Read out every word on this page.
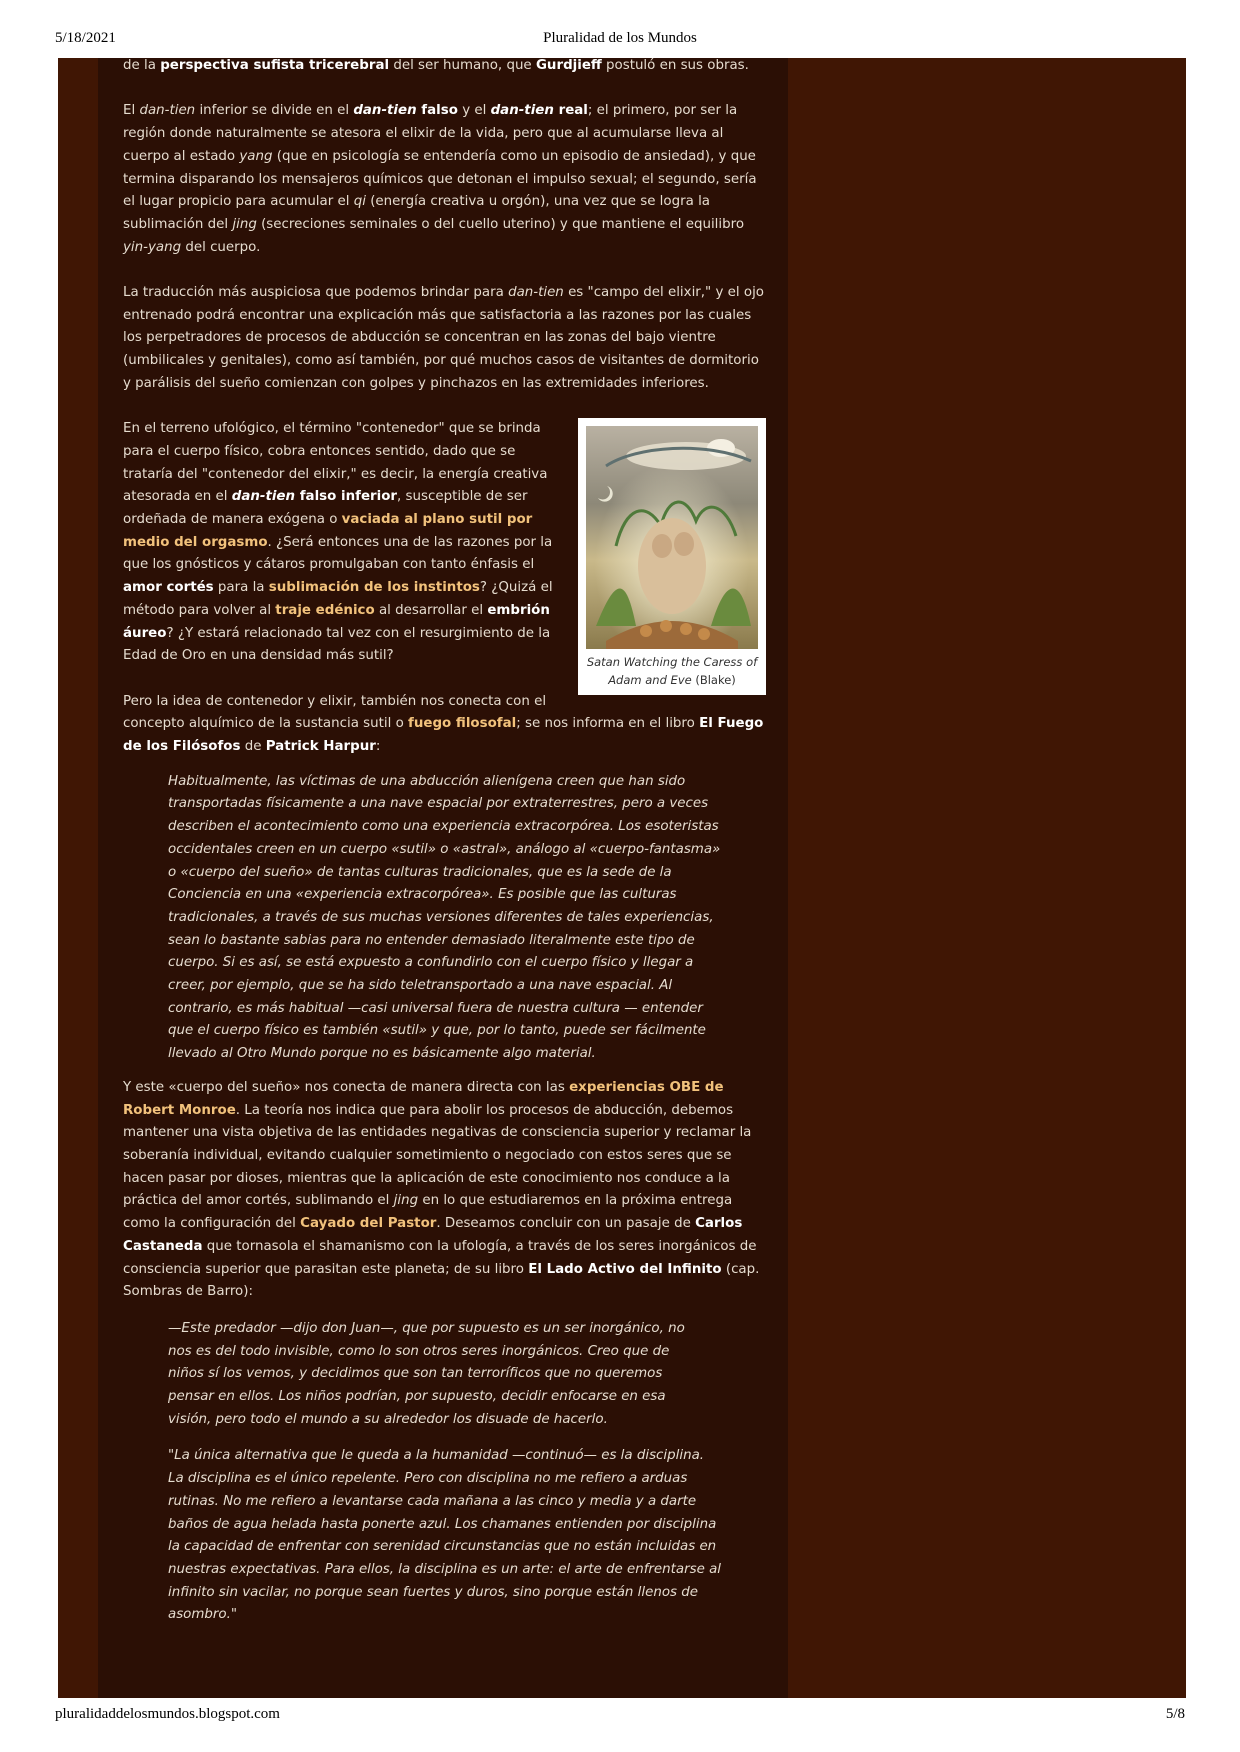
5/18/2021	Pluralidad de los Mundos

de la perspectiva sufista tricerebral del ser humano, que Gurdjieff postuló en sus obras.

El dan-tien inferior se divide en el dan-tien falso y el dan-tien real; el primero, por ser la región donde naturalmente se atesora el elixir de la vida, pero que al acumularse lleva al cuerpo al estado yang (que en psicología se entendería como un episodio de ansiedad), y que termina disparando los mensajeros químicos que detonan el impulso sexual; el segundo, sería el lugar propicio para acumular el qi (energía creativa u orgón), una vez que se logra la sublimación del jing (secreciones seminales o del cuello uterino) y que mantiene el equilibro yin-yang del cuerpo.

La traducción más auspiciosa que podemos brindar para dan-tien es "campo del elixir," y el ojo entrenado podrá encontrar una explicación más que satisfactoria a las razones por las cuales los perpetradores de procesos de abducción se concentran en las zonas del bajo vientre (umbilicales y genitales), como así también, por qué muchos casos de visitantes de dormitorio y parálisis del sueño comienzan con golpes y pinchazos en las extremidades inferiores.

Satan Watching the Caress of Adam and Eve (Blake)

En el terreno ufológico, el término "contenedor" que se brinda para el cuerpo físico, cobra entonces sentido, dado que se trataría del "contenedor del elixir," es decir, la energía creativa atesorada en el dan-tien falso inferior, susceptible de ser ordeñada de manera exógena o vaciada al plano sutil por medio del orgasmo. ¿Será entonces una de las razones por la que los gnósticos y cátaros promulgaban con tanto énfasis el amor cortés para la sublimación de los instintos? ¿Quizá el método para volver al traje edénico al desarrollar el embrión áureo? ¿Y estará relacionado tal vez con el resurgimiento de la Edad de Oro en una densidad más sutil?

Pero la idea de contenedor y elixir, también nos conecta con el concepto alquímico de la sustancia sutil o fuego filosofal; se nos informa en el libro El Fuego de los Filósofos de Patrick Harpur:

Habitualmente, las víctimas de una abducción alienígena creen que han sido transportadas físicamente a una nave espacial por extraterrestres, pero a veces describen el acontecimiento como una experiencia extracorpórea. Los esoteristas occidentales creen en un cuerpo «sutil» o «astral», análogo al «cuerpo-fantasma» o «cuerpo del sueño» de tantas culturas tradicionales, que es la sede de la Conciencia en una «experiencia extracorpórea». Es posible que las culturas tradicionales, a través de sus muchas versiones diferentes de tales experiencias, sean lo bastante sabias para no entender demasiado literalmente este tipo de cuerpo. Si es así, se está expuesto a confundirlo con el cuerpo físico y llegar a creer, por ejemplo, que se ha sido teletransportado a una nave espacial. Al contrario, es más habitual —casi universal fuera de nuestra cultura — entender que el cuerpo físico es también «sutil» y que, por lo tanto, puede ser fácilmente llevado al Otro Mundo porque no es básicamente algo material.

Y este «cuerpo del sueño» nos conecta de manera directa con las experiencias OBE de Robert Monroe. La teoría nos indica que para abolir los procesos de abducción, debemos mantener una vista objetiva de las entidades negativas de consciencia superior y reclamar la soberanía individual, evitando cualquier sometimiento o negociado con estos seres que se hacen pasar por dioses, mientras que la aplicación de este conocimiento nos conduce a la práctica del amor cortés, sublimando el jing en lo que estudiaremos en la próxima entrega como la configuración del Cayado del Pastor. Deseamos concluir con un pasaje de Carlos Castaneda que tornasola el shamanismo con la ufología, a través de los seres inorgánicos de consciencia superior que parasitan este planeta; de su libro El Lado Activo del Infinito (cap. Sombras de Barro):

—Este predador —dijo don Juan—, que por supuesto es un ser inorgánico, no nos es del todo invisible, como lo son otros seres inorgánicos. Creo que de niños sí los vemos, y decidimos que son tan terroríficos que no queremos pensar en ellos. Los niños podrían, por supuesto, decidir enfocarse en esa visión, pero todo el mundo a su alrededor los disuade de hacerlo.

"La única alternativa que le queda a la humanidad —continuó— es la disciplina. La disciplina es el único repelente. Pero con disciplina no me refiero a arduas rutinas. No me refiero a levantarse cada mañana a las cinco y media y a darte baños de agua helada hasta ponerte azul. Los chamanes entienden por disciplina la capacidad de enfrentar con serenidad circunstancias que no están incluidas en nuestras expectativas. Para ellos, la disciplina es un arte: el arte de enfrentarse al infinito sin vacilar, no porque sean fuertes y duros, sino porque están llenos de asombro."

pluralidaddelosmundos.blogspot.com	5/8
